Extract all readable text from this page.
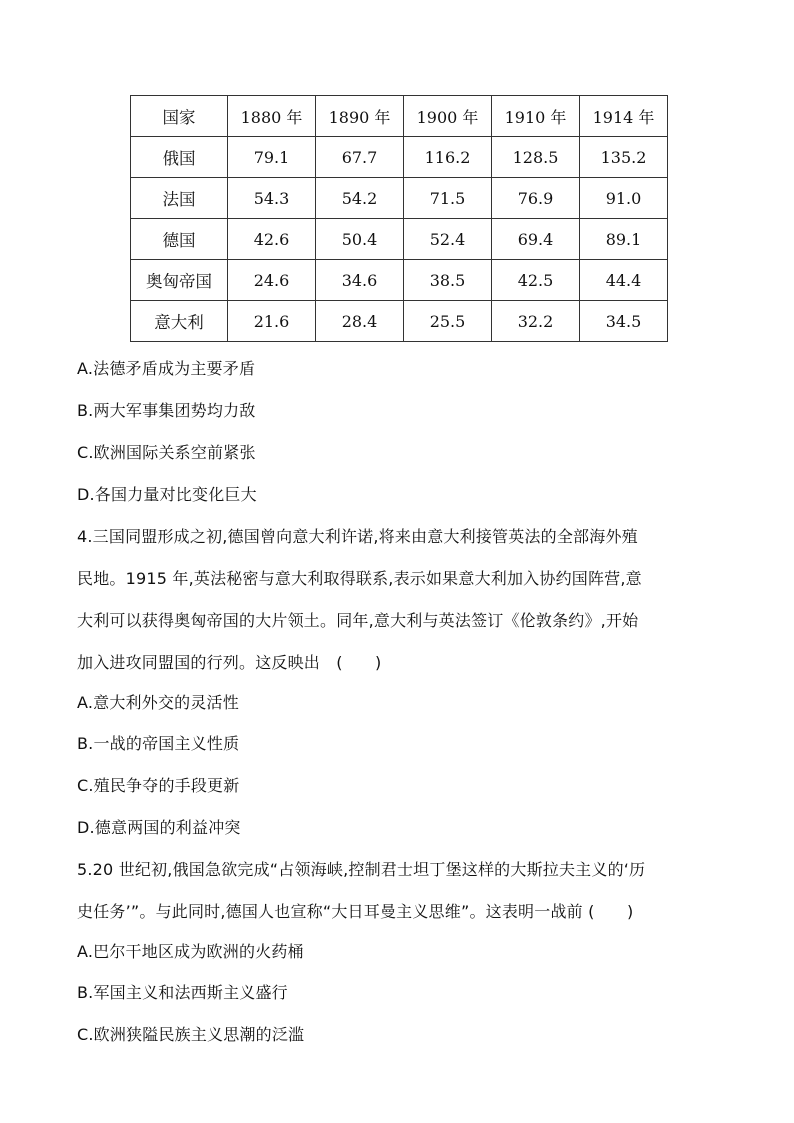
国家	1880 年	1890 年	1900 年	1910 年	1914 年
俄国	79.1	67.7	116.2	128.5	135.2
法国	54.3	54.2	71.5	76.9	91.0
德国	42.6	50.4	52.4	69.4	89.1
奥匈帝国	24.6	34.6	38.5	42.5	44.4
意大利	21.6	28.4	25.5	32.2	34.5
A.法德矛盾成为主要矛盾
B.两大军事集团势均力敌
C.欧洲国际关系空前紧张
D.各国力量对比变化巨大
4.三国同盟形成之初,德国曾向意大利许诺,将来由意大利接管英法的全部海外殖
民地。1915 年,英法秘密与意大利取得联系,表示如果意大利加入协约国阵营,意
大利可以获得奥匈帝国的大片领土。同年,意大利与英法签订《伦敦条约》,开始
加入进攻同盟国的行列。这反映出　(　　)
A.意大利外交的灵活性
B.一战的帝国主义性质
C.殖民争夺的手段更新
D.德意两国的利益冲突
5.20 世纪初,俄国急欲完成“占领海峡,控制君士坦丁堡这样的大斯拉夫主义的‘历
史任务’”。与此同时,德国人也宣称“大日耳曼主义思维”。这表明一战前 (　　)
A.巴尔干地区成为欧洲的火药桶
B.军国主义和法西斯主义盛行
C.欧洲狭隘民族主义思潮的泛滥
